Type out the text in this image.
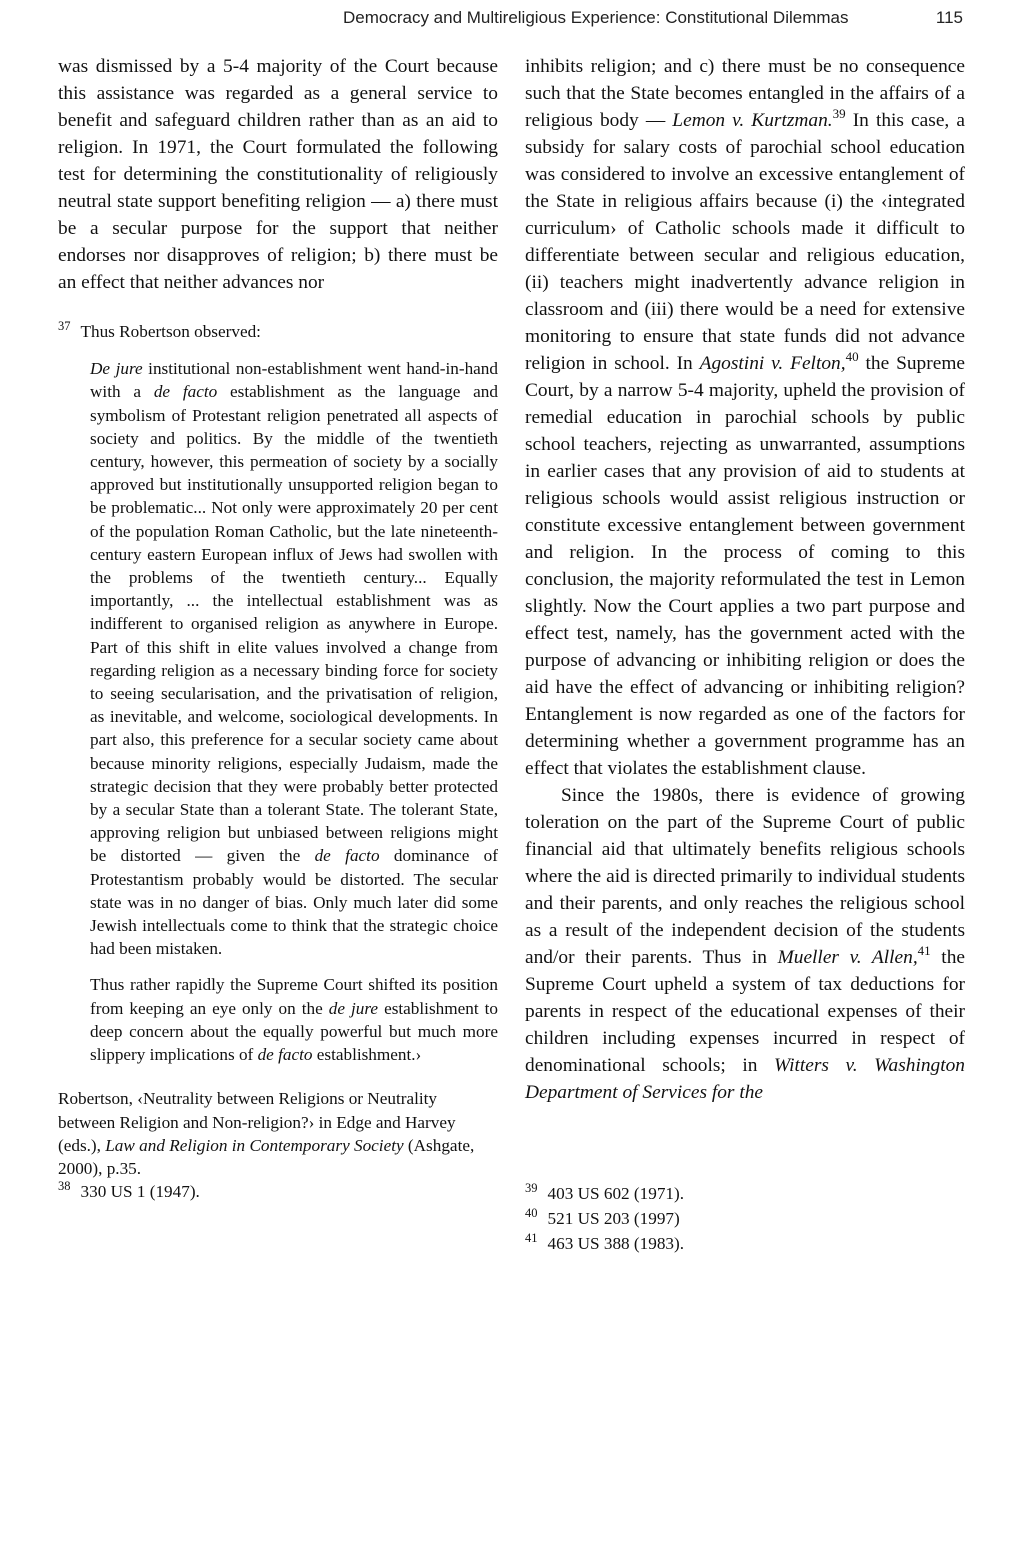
Democracy and Multireligious Experience: Constitutional Dilemmas	115

was dismissed by a 5-4 majority of the Court because this assistance was regarded as a general service to benefit and safeguard children rather than as an aid to religion. In 1971, the Court formulated the following test for determining the constitutionality of religiously neutral state support benefiting religion — a) there must be a secular purpose for the support that neither endorses nor disapproves of religion; b) there must be an effect that neither advances nor

$^{37}$ Thus Robertson observed:

De jure institutional non-establishment went hand-in-hand with a de facto establishment as the language and symbolism of Protestant religion penetrated all aspects of society and politics. By the middle of the twentieth century, however, this permeation of society by a socially approved but institutionally unsupported religion began to be problematic... Not only were approximately 20 per cent of the population Roman Catholic, but the late nineteenth-century eastern European influx of Jews had swollen with the problems of the twentieth century... Equally importantly, ... the intellectual establishment was as indifferent to organised religion as anywhere in Europe. Part of this shift in elite values involved a change from regarding religion as a necessary binding force for society to seeing secularisation, and the privatisation of religion, as inevitable, and welcome, sociological developments. In part also, this preference for a secular society came about because minority religions, especially Judaism, made the strategic decision that they were probably better protected by a secular State than a tolerant State. The tolerant State, approving religion but unbiased between religions might be distorted — given the de facto dominance of Protestantism probably would be distorted. The secular state was in no danger of bias. Only much later did some Jewish intellectuals come to think that the strategic choice had been mistaken.

Thus rather rapidly the Supreme Court shifted its position from keeping an eye only on the de jure establishment to deep concern about the equally powerful but much more slippery implications of de facto establishment.›

Robertson, ‹Neutrality between Religions or Neutrality between Religion and Non-religion?› in Edge and Harvey (eds.), Law and Religion in Contemporary Society (Ashgate, 2000), p.35.

$^{38}$ 330 US 1 (1947).

inhibits religion; and c) there must be no consequence such that the State becomes entangled in the affairs of a religious body — Lemon v. Kurtzman.$^{39}$ In this case, a subsidy for salary costs of parochial school education was considered to involve an excessive entanglement of the State in religious affairs because (i) the ‹integrated curriculum› of Catholic schools made it difficult to differentiate between secular and religious education, (ii) teachers might inadvertently advance religion in classroom and (iii) there would be a need for extensive monitoring to ensure that state funds did not advance religion in school. In Agostini v. Felton,$^{40}$ the Supreme Court, by a narrow 5-4 majority, upheld the provision of remedial education in parochial schools by public school teachers, rejecting as unwarranted, assumptions in earlier cases that any provision of aid to students at religious schools would assist religious instruction or constitute excessive entanglement between government and religion. In the process of coming to this conclusion, the majority reformulated the test in Lemon slightly. Now the Court applies a two part purpose and effect test, namely, has the government acted with the purpose of advancing or inhibiting religion or does the aid have the effect of advancing or inhibiting religion? Entanglement is now regarded as one of the factors for determining whether a government programme has an effect that violates the establishment clause.

Since the 1980s, there is evidence of growing toleration on the part of the Supreme Court of public financial aid that ultimately benefits religious schools where the aid is directed primarily to individual students and their parents, and only reaches the religious school as a result of the independent decision of the students and/or their parents. Thus in Mueller v. Allen,$^{41}$ the Supreme Court upheld a system of tax deductions for parents in respect of the educational expenses of their children including expenses incurred in respect of denominational schools; in Witters v. Washington Department of Services for the

$^{39}$ 403 US 602 (1971).

$^{40}$ 521 US 203 (1997)

$^{41}$ 463 US 388 (1983).
